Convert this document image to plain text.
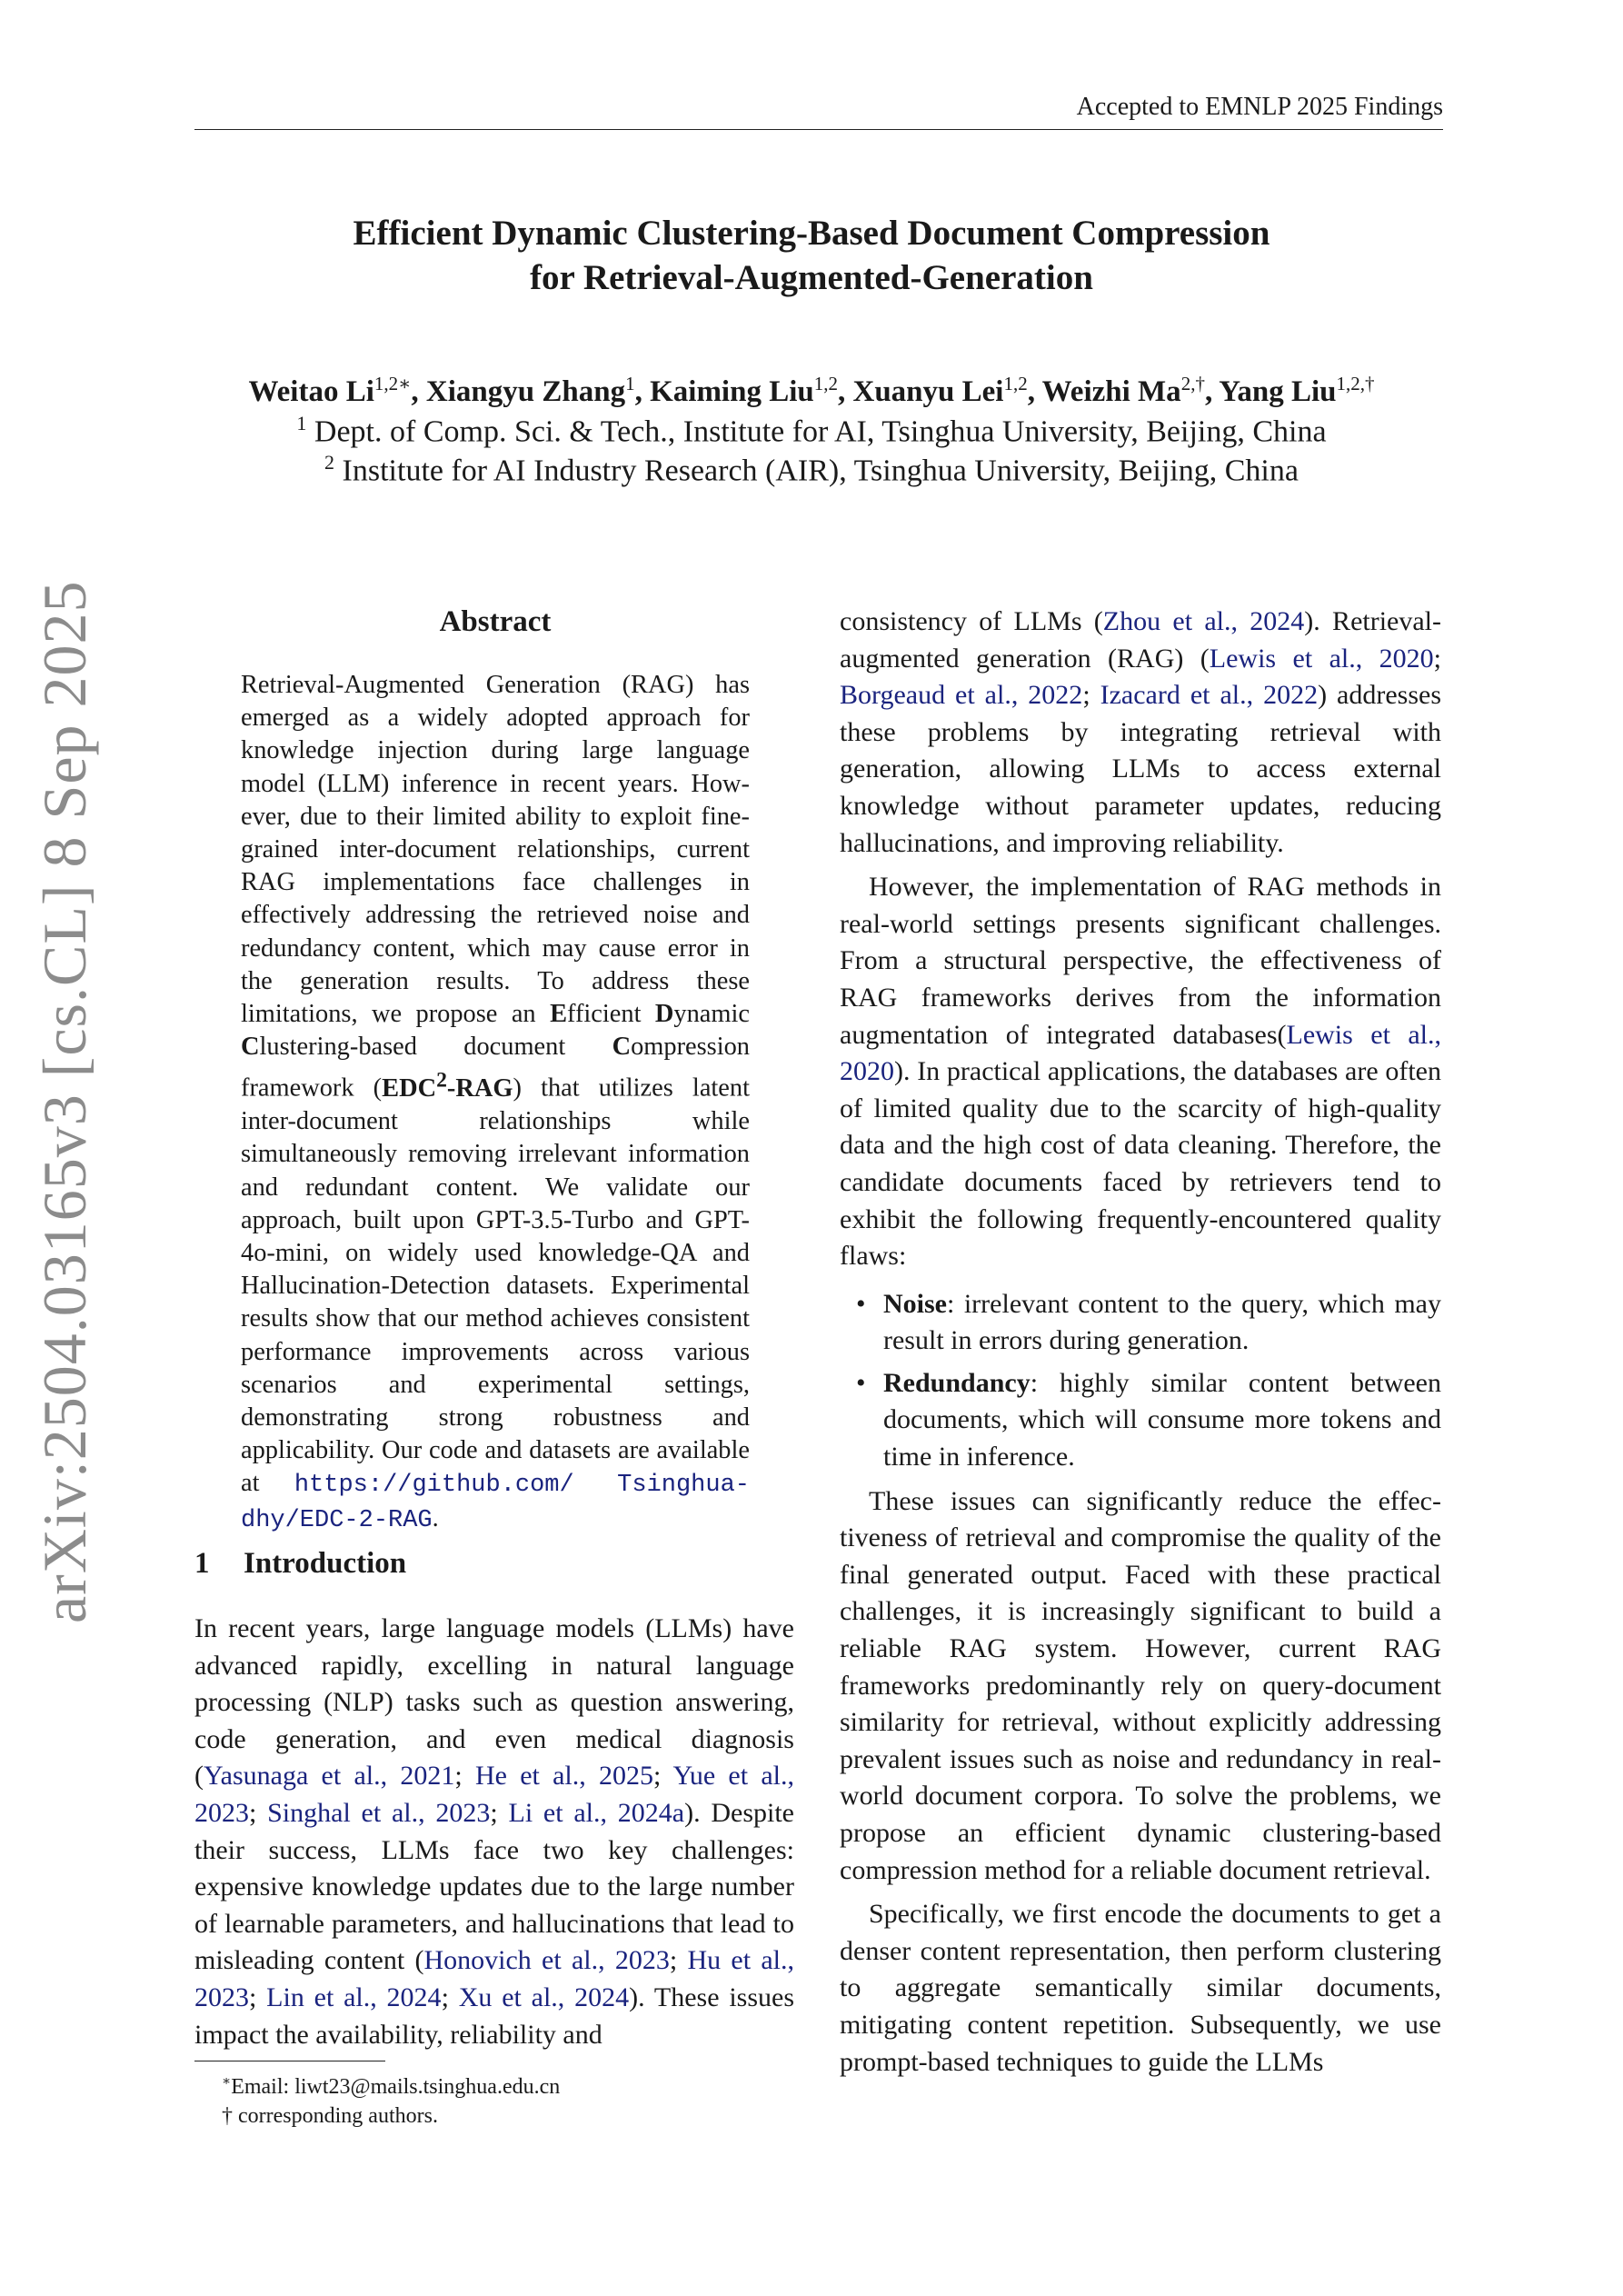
Accepted to EMNLP 2025 Findings
arXiv:2504.03165v3 [cs.CL] 8 Sep 2025
Efficient Dynamic Clustering-Based Document Compression
for Retrieval-Augmented-Generation
Weitao $Li^{1,2∗}$, Xiangyu Zhang$^1$, Kaiming Liu$^{1,2}$, Xuanyu Lei$^{1,2}$, Weizhi $Ma^{2,\dagger}$, Yang Liu$^{1,2,\dagger}$
$^1$ Dept. of Comp. Sci. & Tech., Institute for AI, Tsinghua University, Beijing, China
$^2$ Institute for AI Industry Research (AIR), Tsinghua University, Beijing, China
Abstract

Retrieval-Augmented Generation (RAG) has emerged as a widely adopted approach for knowledge injection during large language model (LLM) inference in recent years. However, due to their limited ability to exploit fine-grained inter-document relationships, current RAG implementations face challenges in effectively addressing the retrieved noise and redundancy content, which may cause error in the generation results. To address these limitations, we propose an Efficient Dynamic Clustering-based document Compression framework (EDC$^2$-RAG) that utilizes latent inter-document relationships while simultaneously removing irrelevant information and redundant content. We validate our approach, built upon GPT-3.5-Turbo and GPT-4o-mini, on widely used knowledge-QA and Hallucination-Detection datasets. Experimental results show that our method achieves consistent performance improvements across various scenarios and experimental settings, demonstrating strong robustness and applicability. Our code and datasets are available at https://github.com/ Tsinghua-dhy/EDC-2-RAG.

1 Introduction

In recent years, large language models (LLMs) have advanced rapidly, excelling in natural language processing (NLP) tasks such as question answering, code generation, and even medical diagnosis (Yasunaga et al., 2021; He et al., 2025; Yue et al., 2023; Singhal et al., 2023; Li et al., 2024a). Despite their success, LLMs face two key challenges: expensive knowledge updates due to the large number of learnable parameters, and hallucinations that lead to misleading content (Honovich et al., 2023; Hu et al., 2023; Lin et al., 2024; Xu et al., 2024). These issues impact the availability, reliability and

consistency of LLMs (Zhou et al., 2024). Retrieval-augmented generation (RAG) (Lewis et al., 2020; Borgeaud et al., 2022; Izacard et al., 2022) addresses these problems by integrating retrieval with generation, allowing LLMs to access external knowledge without parameter updates, reducing hallucinations, and improving reliability.

However, the implementation of RAG methods in real-world settings presents significant challenges. From a structural perspective, the effectiveness of RAG frameworks derives from the information augmentation of integrated databases(Lewis et al., 2020). In practical applications, the databases are often of limited quality due to the scarcity of high-quality data and the high cost of data cleaning. Therefore, the candidate documents faced by retrievers tend to exhibit the following frequently-encountered quality flaws:

• Noise: irrelevant content to the query, which may result in errors during generation.
• Redundancy: highly similar content between documents, which will consume more tokens and time in inference.

These issues can significantly reduce the effectiveness of retrieval and compromise the quality of the final generated output. Faced with these practical challenges, it is increasingly significant to build a reliable RAG system. However, current RAG frameworks predominantly rely on query-document similarity for retrieval, without explicitly addressing prevalent issues such as noise and redundancy in real-world document corpora. To solve the problems, we propose an efficient dynamic clustering-based compression method for a reliable document retrieval.

Specifically, we first encode the documents to get a denser content representation, then perform clustering to aggregate semantically similar documents, mitigating content repetition. Subsequently, we use prompt-based techniques to guide the LLMs

∗Email: liwt23@mails.tsinghua.edu.cn
† corresponding authors.
